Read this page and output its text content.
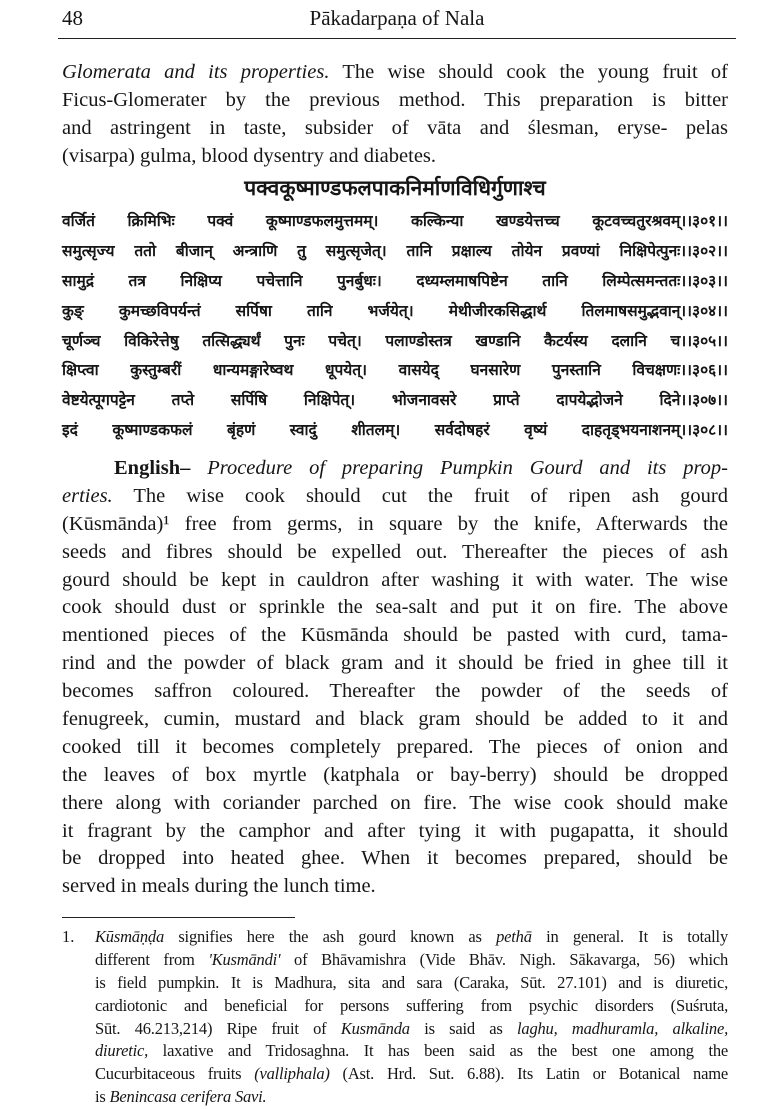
48	Pākadarpaṇa of Nala
Glomerata and its properties. The wise should cook the young fruit of
Ficus-Glomerater by the previous method. This preparation is bitter
and astringent in taste, subsider of vāta and ślesman, eryse- pelas
(visarpa) gulma, blood dysentry and diabetes.
पक्वकूष्माण्डफलपाकनिर्माणविधिर्गुणाश्च
वर्जितं क्रिमिभिः पक्वं कूष्माण्डफलमुत्तमम्। कल्किन्या खण्डयेत्तच्च कूटवच्चतुरश्रवम्।।३०१।।
समुत्सृज्य ततो बीजान् अन्त्राणि तु समुत्सृजेत्। तानि प्रक्षाल्य तोयेन प्रवण्यां निक्षिपेत्पुनः।।३०२।।
सामुद्रं तत्र निक्षिप्य पचेत्तानि पुनर्बुधः। दध्यम्लमाषपिष्टेन तानि लिम्पेत्समन्ततः।।३०३।।
कुङ् कुमच्छविपर्यन्तं सर्पिषा तानि भर्जयेत्। मेथीजीरकसिद्धार्थ तिलमाषसमुद्भवान्।।३०४।।
चूर्णञ्च विकिरेत्तेषु तत्सिद्ध्यर्थं पुनः पचेत्। पलाण्डोस्तत्र खण्डानि कैटर्यस्य दलानि च।।३०५।।
क्षिप्त्वा कुस्तुम्बरीं धान्यमङ्गारेष्वथ धूपयेत्। वासयेद् घनसारेण पुनस्तानि विचक्षणः।।३०६।।
वेष्टयेत्पूगपट्टेन तप्ते सर्पिषि निक्षिपेत्। भोजनावसरे प्राप्ते दापयेद्भोजने दिने।।३०७।।
इदं कूष्माण्डकफलं बृंहणं स्वादुं शीतलम्। सर्वदोषहरं वृष्यं दाहतृड्भयनाशनम्।।३०८।।
English– Procedure of preparing Pumpkin Gourd and its prop-
erties. The wise cook should cut the fruit of ripen ash gourd
(Kūsmānda)¹ free from germs, in square by the knife, Afterwards the
seeds and fibres should be expelled out. Thereafter the pieces of ash
gourd should be kept in cauldron after washing it with water. The wise
cook should dust or sprinkle the sea-salt and put it on fire. The above
mentioned pieces of the Kūsmānda should be pasted with curd, tama-
rind and the powder of black gram and it should be fried in ghee till it
becomes saffron coloured. Thereafter the powder of the seeds of
fenugreek, cumin, mustard and black gram should be added to it and
cooked till it becomes completely prepared. The pieces of onion and
the leaves of box myrtle (katphala or bay-berry) should be dropped
there along with coriander parched on fire. The wise cook should make
it fragrant by the camphor and after tying it with pugapatta, it should
be dropped into heated ghee. When it becomes prepared, should be
served in meals during the lunch time.
1. Kūsmāṇḍa signifies here the ash gourd known as pethā in general. It is totally
different from 'Kusmāndi' of Bhāvamishra (Vide Bhāv. Nigh. Sākavarga, 56) which
is field pumpkin. It is Madhura, sita and sara (Caraka, Sūt. 27.101) and is diuretic,
cardiotonic and beneficial for persons suffering from psychic disorders (Suśruta,
Sūt. 46.213,214) Ripe fruit of Kusmānda is said as laghu, madhuramla, alkaline,
diuretic, laxative and Tridosaghna. It has been said as the best one among the
Cucurbitaceous fruits (valliphala) (Ast. Hrd. Sut. 6.88). Its Latin or Botanical name
is Benincasa cerifera Savi.
